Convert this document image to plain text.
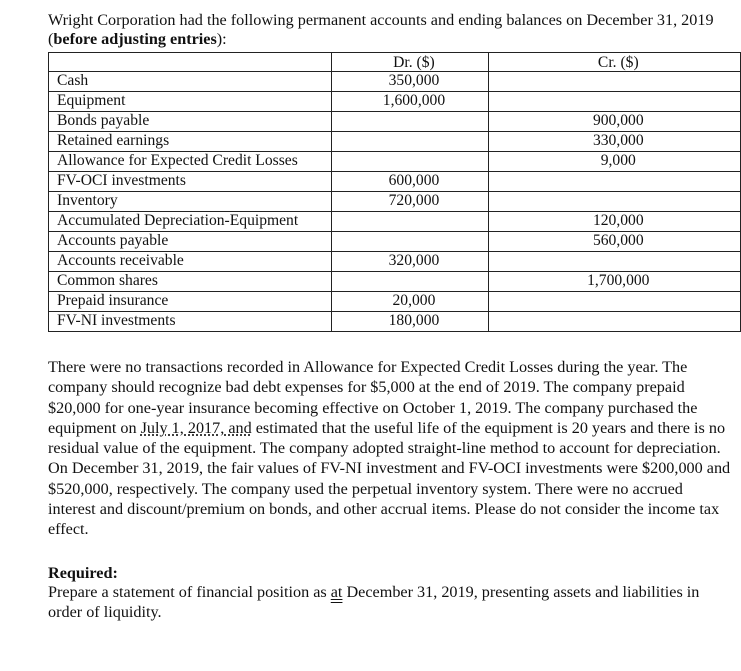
Wright Corporation had the following permanent accounts and ending balances on December 31, 2019 (before adjusting entries):
	Dr. ($)	Cr. ($)
Cash	350,000	
Equipment	1,600,000	
Bonds payable		900,000
Retained earnings		330,000
Allowance for Expected Credit Losses		9,000
FV-OCI investments	600,000	
Inventory	720,000	
Accumulated Depreciation-Equipment		120,000
Accounts payable		560,000
Accounts receivable	320,000	
Common shares		1,700,000
Prepaid insurance	20,000	
FV-NI investments	180,000	
There were no transactions recorded in Allowance for Expected Credit Losses during the year. The company should recognize bad debt expenses for $5,000 at the end of 2019. The company prepaid $20,000 for one-year insurance becoming effective on October 1, 2019. The company purchased the equipment on July 1, 2017, and estimated that the useful life of the equipment is 20 years and there is no residual value of the equipment. The company adopted straight-line method to account for depreciation. On December 31, 2019, the fair values of FV-NI investment and FV-OCI investments were $200,000 and $520,000, respectively. The company used the perpetual inventory system. There were no accrued interest and discount/premium on bonds, and other accrual items. Please do not consider the income tax effect.
Required:
Prepare a statement of financial position as at December 31, 2019, presenting assets and liabilities in order of liquidity.
